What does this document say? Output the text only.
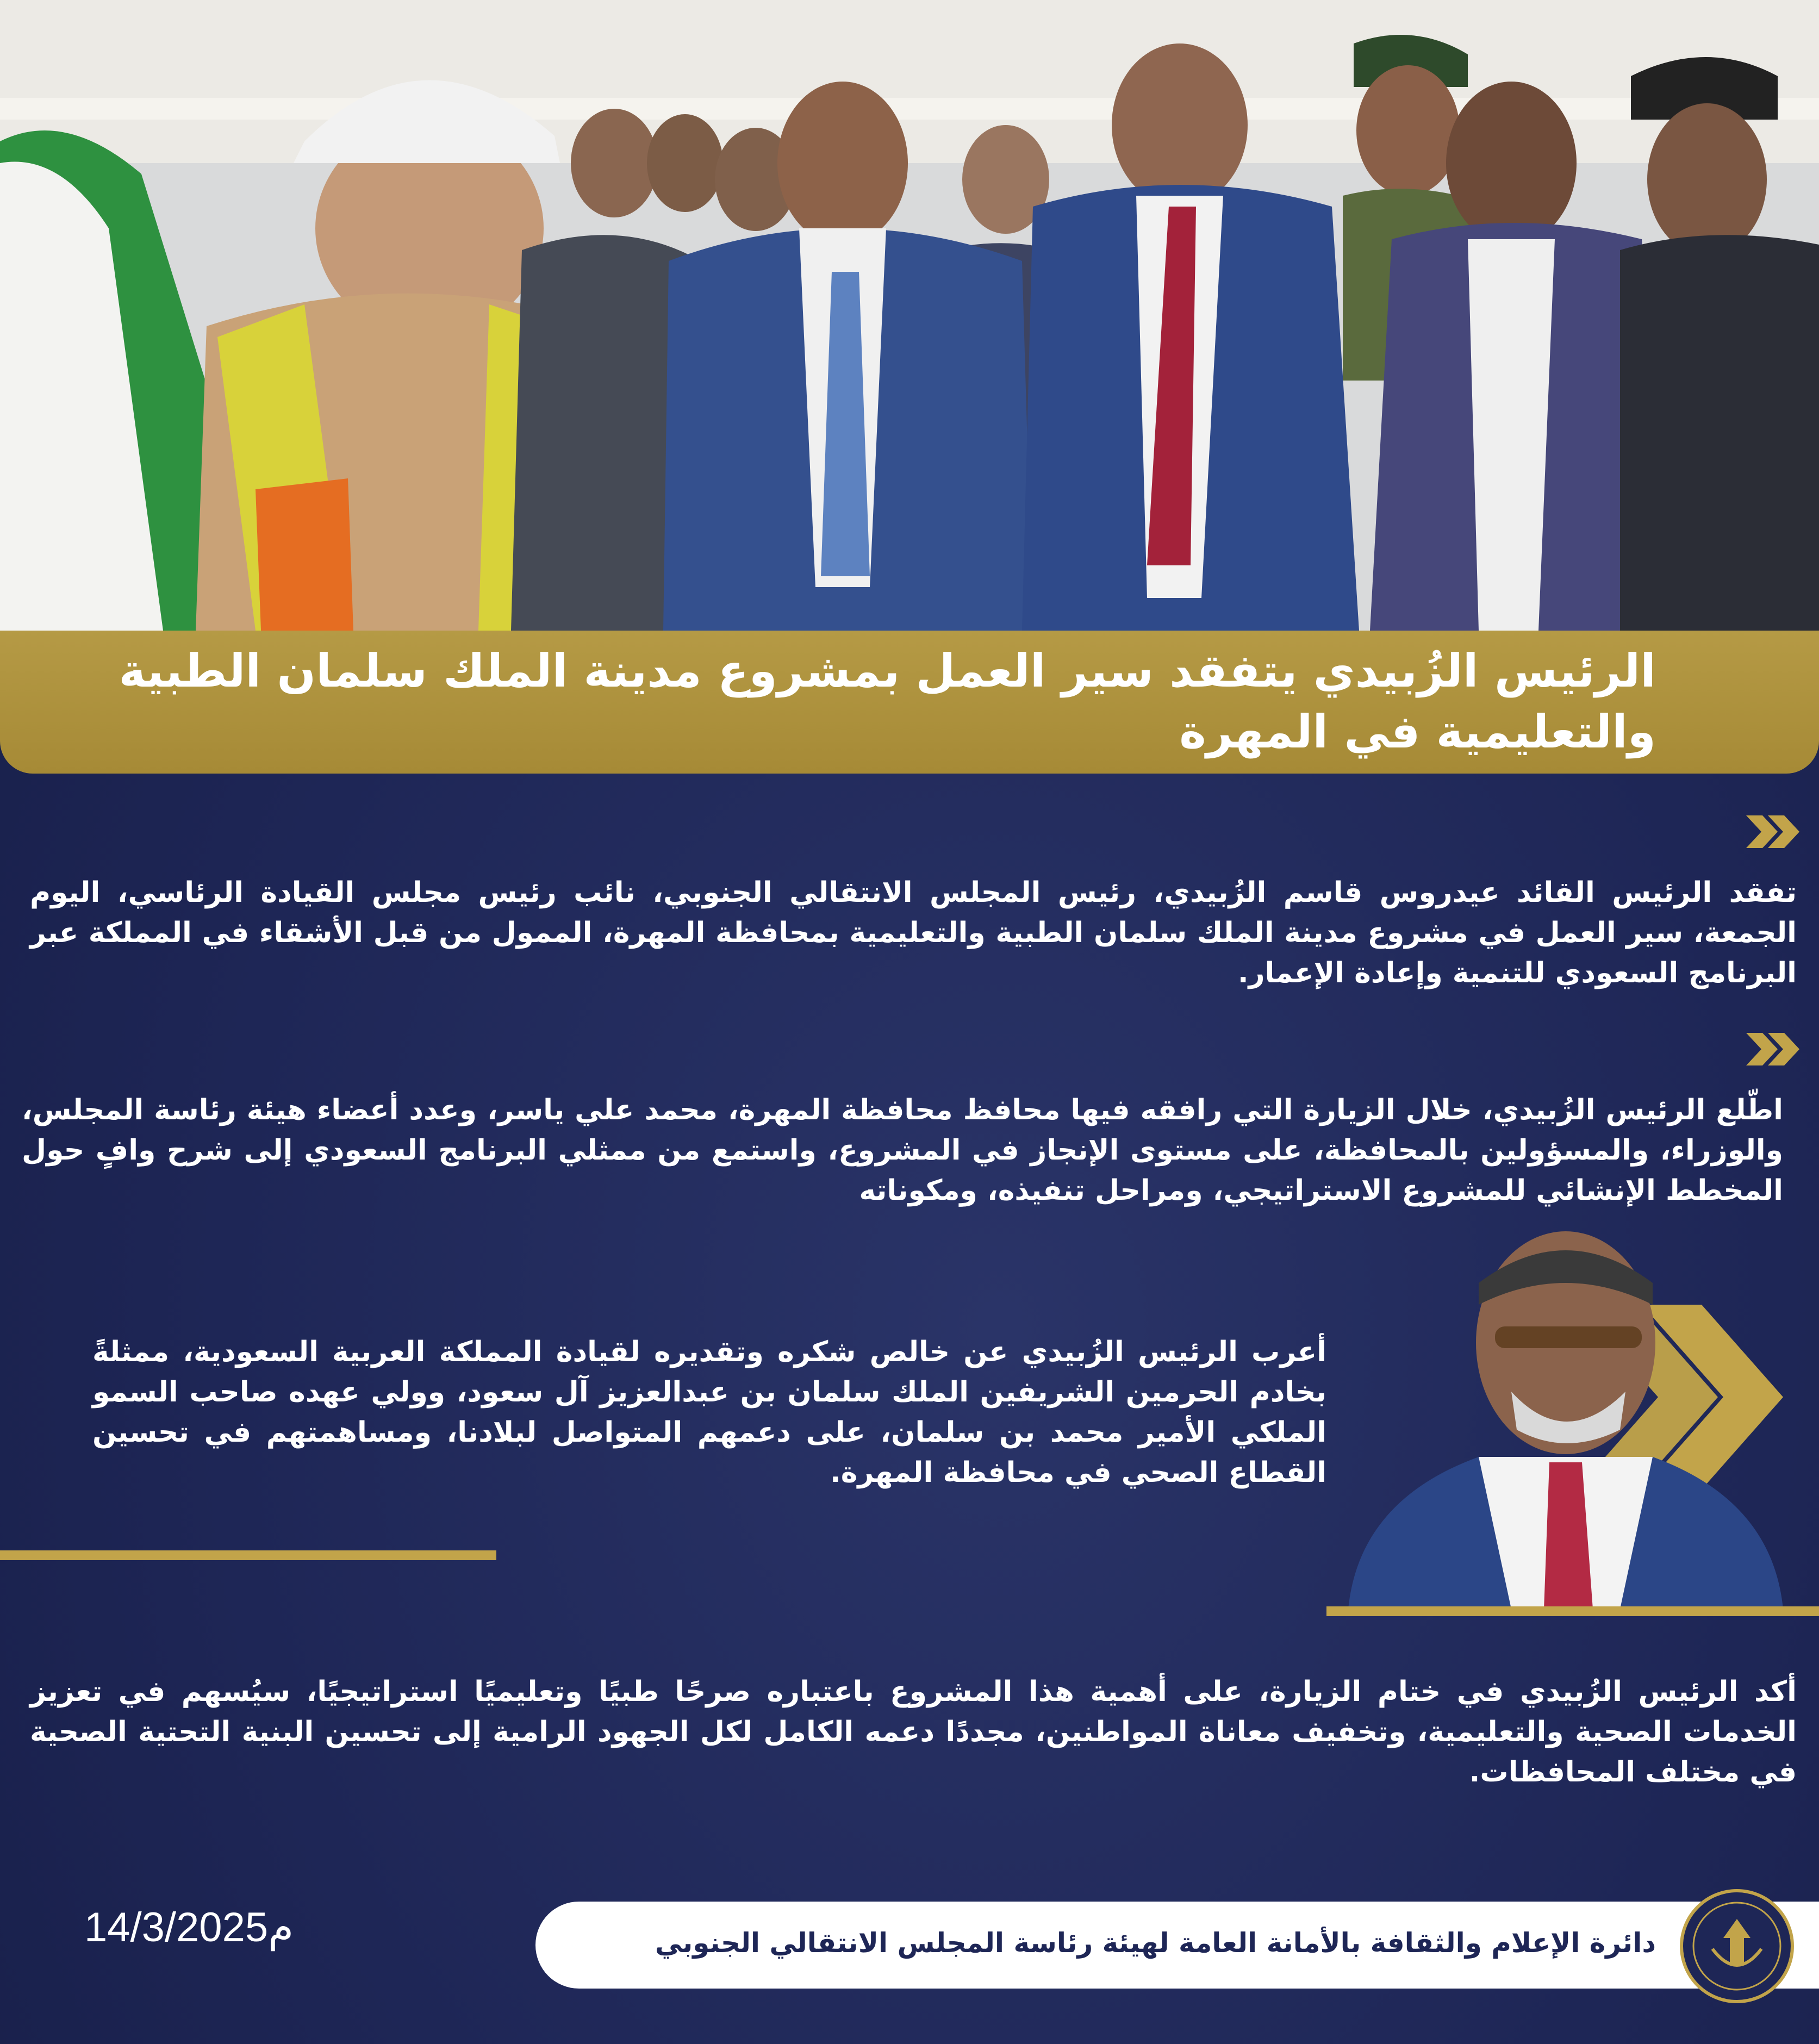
الرئيس الزُبيدي يتفقد سير العمل بمشروع مدينة الملك سلمان الطبية والتعليمية في المهرة
تفقد الرئيس القائد عيدروس قاسم الزُبيدي، رئيس المجلس الانتقالي الجنوبي، نائب رئيس مجلس القيادة الرئاسي، اليوم الجمعة، سير العمل في مشروع مدينة الملك سلمان الطبية والتعليمية بمحافظة المهرة، الممول من قبل الأشقاء في المملكة عبر البرنامج السعودي للتنمية وإعادة الإعمار.
اطّلع الرئيس الزُبيدي، خلال الزيارة التي رافقه فيها محافظ محافظة المهرة، محمد علي ياسر، وعدد أعضاء هيئة رئاسة المجلس، والوزراء، والمسؤولين بالمحافظة، على مستوى الإنجاز في المشروع، واستمع من ممثلي البرنامج السعودي إلى شرح وافٍ حول المخطط الإنشائي للمشروع الاستراتيجي، ومراحل تنفيذه، ومكوناته
أعرب الرئيس الزُبيدي عن خالص شكره وتقديره لقيادة المملكة العربية السعودية، ممثلةً بخادم الحرمين الشريفين الملك سلمان بن عبدالعزيز آل سعود، وولي عهده صاحب السمو الملكي الأمير محمد بن سلمان، على دعمهم المتواصل لبلادنا، ومساهمتهم في تحسين القطاع الصحي في محافظة المهرة.
أكد الرئيس الزُبيدي في ختام الزيارة، على أهمية هذا المشروع باعتباره صرحًا طبيًا وتعليميًا استراتيجيًا، سيُسهم في تعزيز الخدمات الصحية والتعليمية، وتخفيف معاناة المواطنين، مجددًا دعمه الكامل لكل الجهود الرامية إلى تحسين البنية التحتية الصحية في مختلف المحافظات.
14/3/2025م	دائرة الإعلام والثقافة بالأمانة العامة لهيئة رئاسة المجلس الانتقالي الجنوبي
